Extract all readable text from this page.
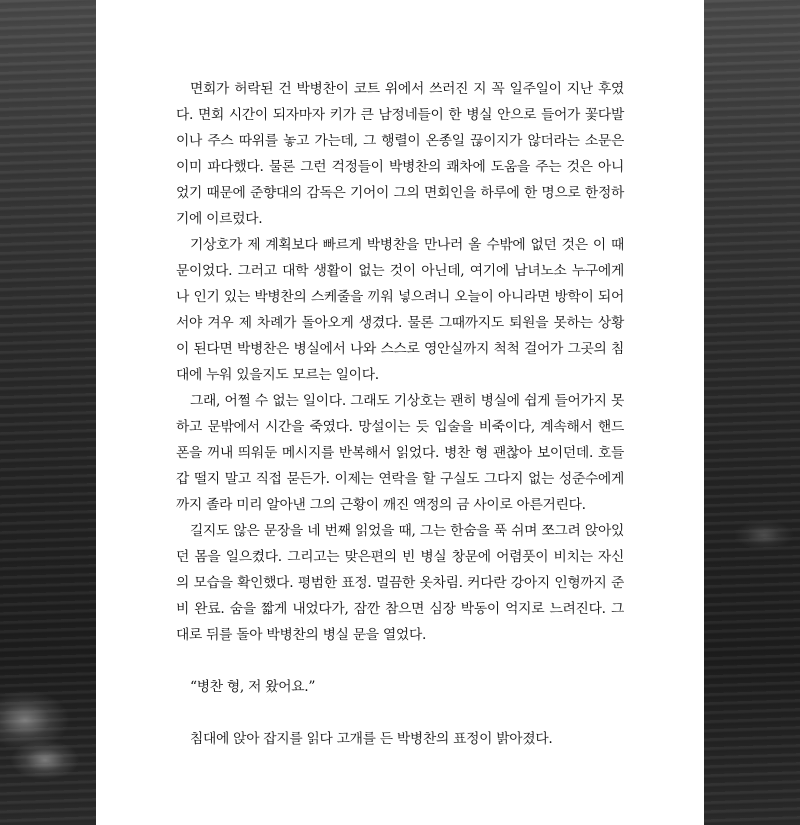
면회가 허락된 건 박병찬이 코트 위에서 쓰러진 지 꼭 일주일이 지난 후였다. 면회 시간이 되자마자 키가 큰 남정네들이 한 병실 안으로 들어가 꽃다발이나 주스 따위를 놓고 가는데, 그 행렬이 온종일 끊이지가 않더라는 소문은 이미 파다했다. 물론 그런 걱정들이 박병찬의 쾌차에 도움을 주는 것은 아니었기 때문에 준향대의 감독은 기어이 그의 면회인을 하루에 한 명으로 한정하기에 이르렀다.

기상호가 제 계획보다 빠르게 박병찬을 만나러 올 수밖에 없던 것은 이 때문이었다. 그러고 대학 생활이 없는 것이 아닌데, 여기에 남녀노소 누구에게나 인기 있는 박병찬의 스케줄을 끼워 넣으려니 오늘이 아니라면 방학이 되어서야 겨우 제 차례가 돌아오게 생겼다. 물론 그때까지도 퇴원을 못하는 상황이 된다면 박병찬은 병실에서 나와 스스로 영안실까지 척척 걸어가 그곳의 침대에 누워 있을지도 모르는 일이다.

그래, 어쩔 수 없는 일이다. 그래도 기상호는 괜히 병실에 쉽게 들어가지 못하고 문밖에서 시간을 죽였다. 망설이는 듯 입술을 비죽이다, 계속해서 핸드폰을 꺼내 띄워둔 메시지를 반복해서 읽었다. 병찬 형 괜찮아 보이던데. 호들갑 떨지 말고 직접 묻든가. 이제는 연락을 할 구실도 그다지 없는 성준수에게까지 졸라 미리 알아낸 그의 근황이 깨진 액정의 금 사이로 아른거린다.

길지도 않은 문장을 네 번째 읽었을 때, 그는 한숨을 푹 쉬며 쪼그려 앉아있던 몸을 일으켰다. 그리고는 맞은편의 빈 병실 창문에 어렴풋이 비치는 자신의 모습을 확인했다. 평범한 표정. 멀끔한 옷차림. 커다란 강아지 인형까지 준비 완료. 숨을 짧게 내었다가, 잠깐 참으면 심장 박동이 억지로 느려진다. 그대로 뒤를 돌아 박병찬의 병실 문을 열었다.

“병찬 형, 저 왔어요.”

침대에 앉아 잡지를 읽다 고개를 든 박병찬의 표정이 밝아졌다.
